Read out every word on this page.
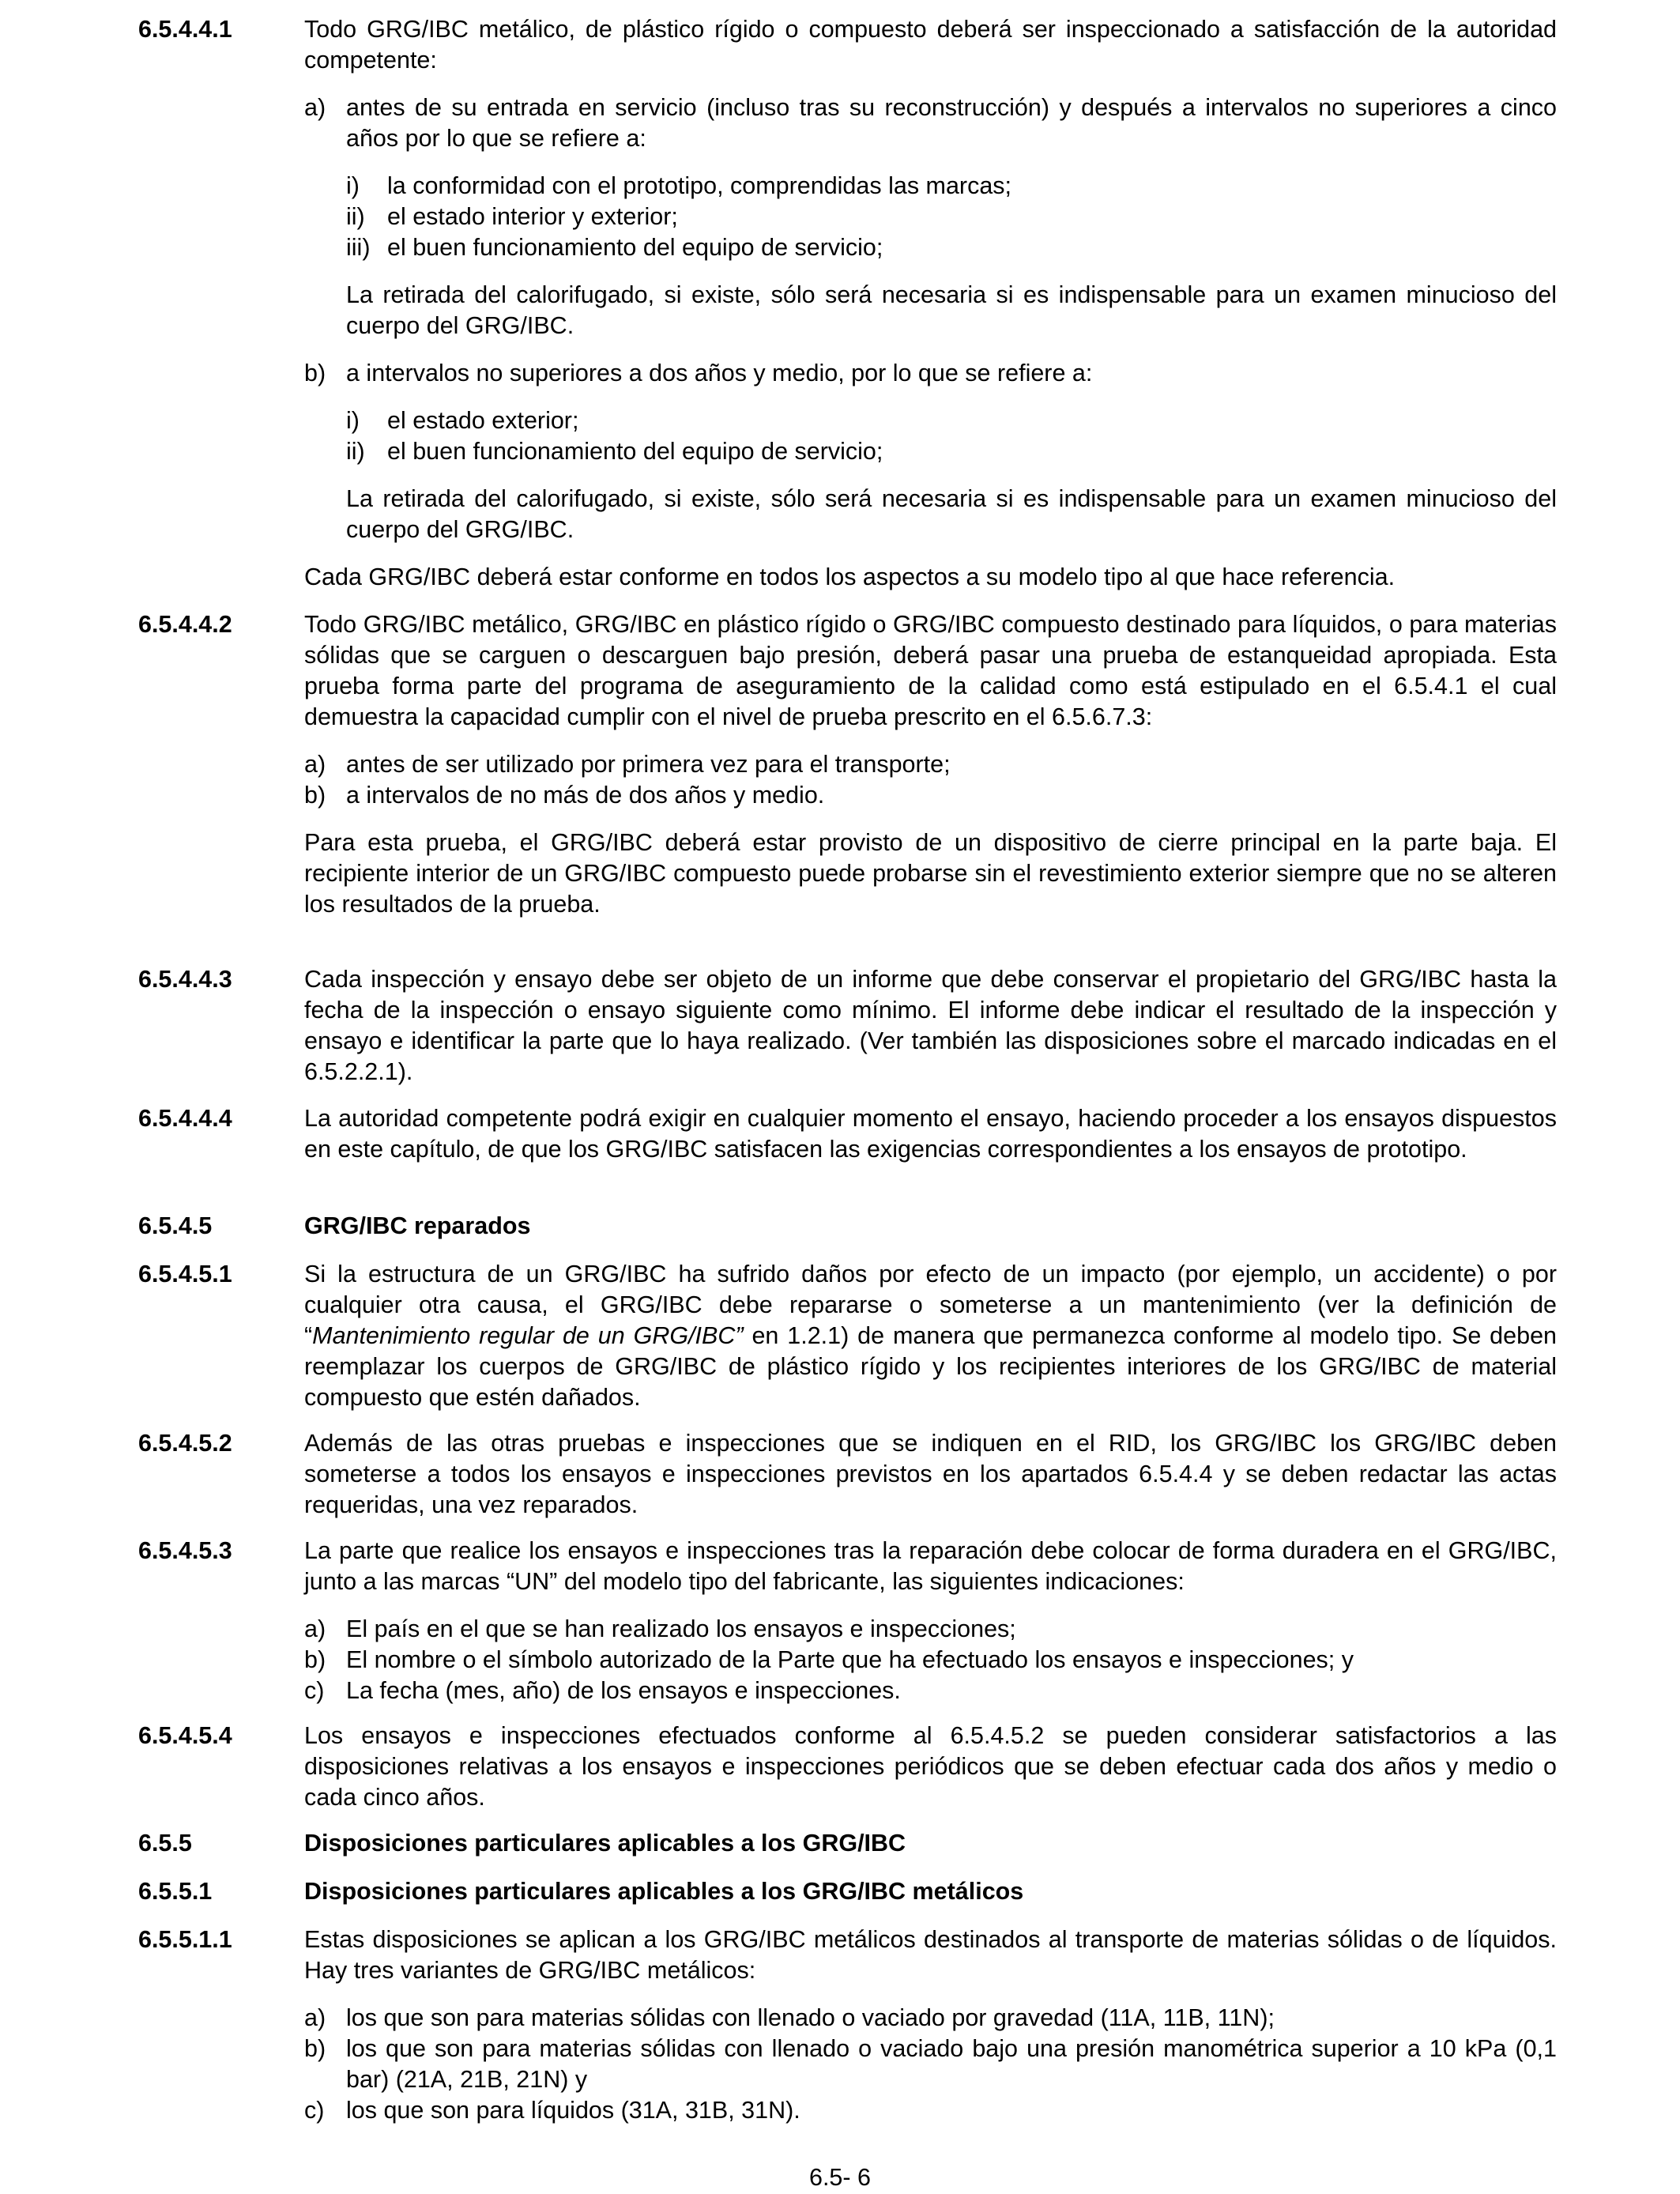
6.5.4.4.1	Todo GRG/IBC metálico, de plástico rígido o compuesto deberá ser inspeccionado a satisfacción de la autoridad competente:

a) antes de su entrada en servicio (incluso tras su reconstrucción) y después a intervalos no superiores a cinco años por lo que se refiere a:
i) la conformidad con el prototipo, comprendidas las marcas;
ii) el estado interior y exterior;
iii) el buen funcionamiento del equipo de servicio;

La retirada del calorifugado, si existe, sólo será necesaria si es indispensable para un examen minucioso del cuerpo del GRG/IBC.

b) a intervalos no superiores a dos años y medio, por lo que se refiere a:
i) el estado exterior;
ii) el buen funcionamiento del equipo de servicio;

La retirada del calorifugado, si existe, sólo será necesaria si es indispensable para un examen minucioso del cuerpo del GRG/IBC.

Cada GRG/IBC deberá estar conforme en todos los aspectos a su modelo tipo al que hace referencia.

6.5.4.4.2	Todo GRG/IBC metálico, GRG/IBC en plástico rígido o GRG/IBC compuesto destinado para líquidos, o para materias sólidas que se carguen o descarguen bajo presión, deberá pasar una prueba de estanqueidad apropiada. Esta prueba forma parte del programa de aseguramiento de la calidad como está estipulado en el 6.5.4.1 el cual demuestra la capacidad cumplir con el nivel de prueba prescrito en el 6.5.6.7.3:

a) antes de ser utilizado por primera vez para el transporte;
b) a intervalos de no más de dos años y medio.

Para esta prueba, el GRG/IBC deberá estar provisto de un dispositivo de cierre principal en la parte baja. El recipiente interior de un GRG/IBC compuesto puede probarse sin el revestimiento exterior siempre que no se alteren los resultados de la prueba.

6.5.4.4.3	Cada inspección y ensayo debe ser objeto de un informe que debe conservar el propietario del GRG/IBC hasta la fecha de la inspección o ensayo siguiente como mínimo. El informe debe indicar el resultado de la inspección y ensayo e identificar la parte que lo haya realizado. (Ver también las disposiciones sobre el marcado indicadas en el 6.5.2.2.1).

6.5.4.4.4	La autoridad competente podrá exigir en cualquier momento el ensayo, haciendo proceder a los ensayos dispuestos en este capítulo, de que los GRG/IBC satisfacen las exigencias correspondientes a los ensayos de prototipo.

6.5.4.5	GRG/IBC reparados
6.5.4.5.1	Si la estructura de un GRG/IBC ha sufrido daños por efecto de un impacto (por ejemplo, un accidente) o por cualquier otra causa, el GRG/IBC debe repararse o someterse a un mantenimiento (ver la definición de “Mantenimiento regular de un GRG/IBC” en 1.2.1) de manera que permanezca conforme al modelo tipo. Se deben reemplazar los cuerpos de GRG/IBC de plástico rígido y los recipientes interiores de los GRG/IBC de material compuesto que estén dañados.

6.5.4.5.2	Además de las otras pruebas e inspecciones que se indiquen en el RID, los GRG/IBC los GRG/IBC deben someterse a todos los ensayos e inspecciones previstos en los apartados 6.5.4.4 y se deben redactar las actas requeridas, una vez reparados.

6.5.4.5.3	La parte que realice los ensayos e inspecciones tras la reparación debe colocar de forma duradera en el GRG/IBC, junto a las marcas “UN” del modelo tipo del fabricante, las siguientes indicaciones:

a) El país en el que se han realizado los ensayos e inspecciones;
b) El nombre o el símbolo autorizado de la Parte que ha efectuado los ensayos e inspecciones; y
c) La fecha (mes, año) de los ensayos e inspecciones.
6.5.4.5.4	Los ensayos e inspecciones efectuados conforme al 6.5.4.5.2 se pueden considerar satisfactorios a las disposiciones relativas a los ensayos e inspecciones periódicos que se deben efectuar cada dos años y medio o cada cinco años.

6.5.5	Disposiciones particulares aplicables a los GRG/IBC
6.5.5.1	Disposiciones particulares aplicables a los GRG/IBC metálicos
6.5.5.1.1	Estas disposiciones se aplican a los GRG/IBC metálicos destinados al transporte de materias sólidas o de líquidos. Hay tres variantes de GRG/IBC metálicos:

a) los que son para materias sólidas con llenado o vaciado por gravedad (11A, 11B, 11N);
b) los que son para materias sólidas con llenado o vaciado bajo una presión manométrica superior a 10 kPa (0,1 bar) (21A, 21B, 21N) y
c) los que son para líquidos (31A, 31B, 31N).
6.5- 6
